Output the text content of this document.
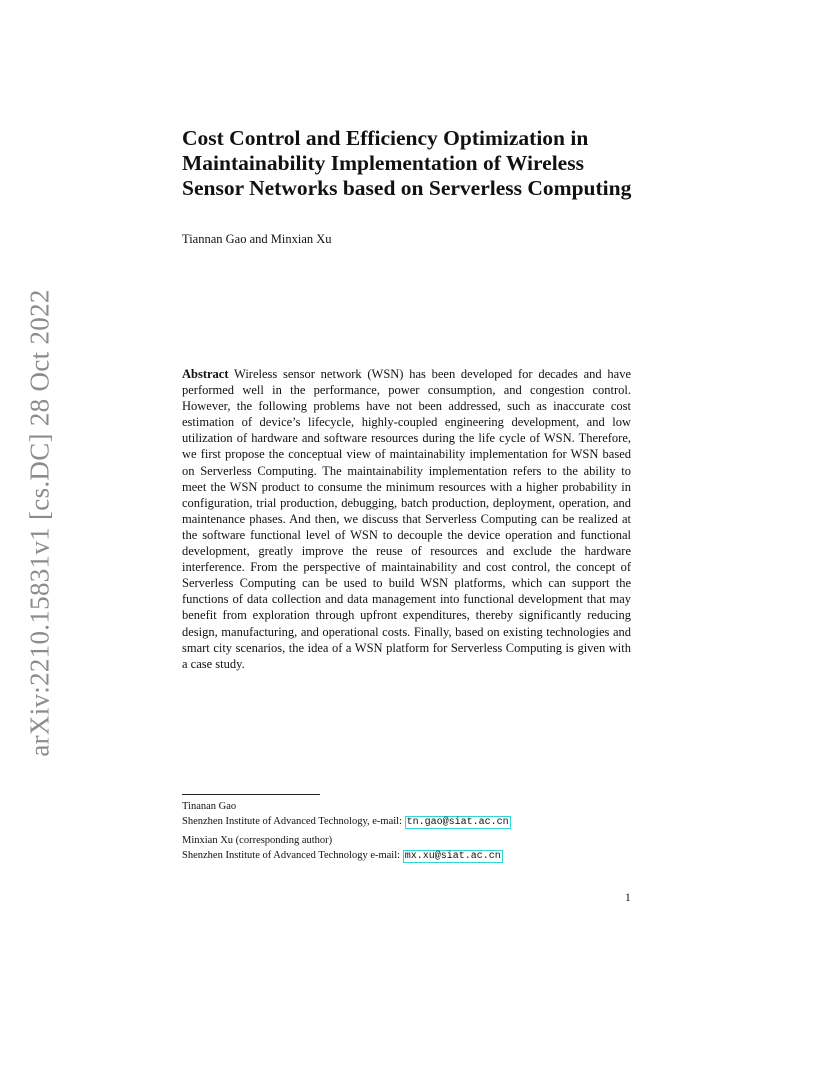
arXiv:2210.15831v1 [cs.DC] 28 Oct 2022
Cost Control and Efficiency Optimization in
Maintainability Implementation of Wireless
Sensor Networks based on Serverless Computing
Tiannan Gao and Minxian Xu

Abstract Wireless sensor network (WSN) has been developed for decades and have performed well in the performance, power consumption, and congestion control. However, the following problems have not been addressed, such as inaccurate cost estimation of device’s lifecycle, highly-coupled engineering development, and low utilization of hardware and software resources during the life cycle of WSN. Therefore, we first propose the conceptual view of maintainability implementation for WSN based on Serverless Computing. The maintainability implementation refers to the ability to meet the WSN product to consume the minimum resources with a higher probability in configuration, trial production, debugging, batch production, deployment, operation, and maintenance phases. And then, we discuss that Serverless Computing can be realized at the software functional level of WSN to decouple the device operation and functional development, greatly improve the reuse of resources and exclude the hardware interference. From the perspective of maintainability and cost control, the concept of Serverless Computing can be used to build WSN platforms, which can support the functions of data collection and data management into functional development that may benefit from exploration through upfront expenditures, thereby significantly reducing design, manufacturing, and operational costs. Finally, based on existing technologies and smart city scenarios, the idea of a WSN platform for Serverless Computing is given with a case study.

Tinanan Gao
Shenzhen Institute of Advanced Technology, e-mail: tn.gao@siat.ac.cn
Minxian Xu (corresponding author)
Shenzhen Institute of Advanced Technology e-mail: mx.xu@siat.ac.cn
1
